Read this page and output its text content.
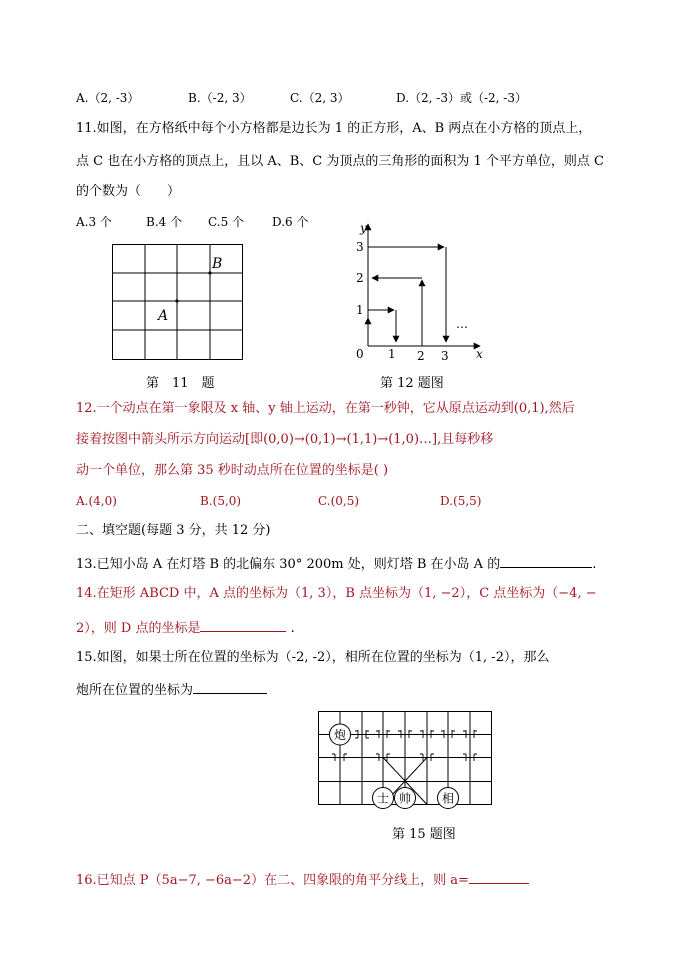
A.（2, -3）	B.（-2, 3）	C.（2, 3）	D.（2, -3）或（-2, -3）
11.如图，在方格纸中每个小方格都是边长为 1 的正方形，A、B 两点在小方格的顶点上，
点 C 也在小方格的顶点上，且以 A、B、C 为顶点的三角形的面积为 1 个平方单位，则点 C
的个数为（　　）
A.3 个	B.4 个 C.5 个 D.6 个
A
B
第　11　题
y
x
3
2
1
0 1 2 3
…
第 12 题图
12.一个动点在第一象限及 x 轴、y 轴上运动，在第一秒钟，它从原点运动到(0,1),然后
接着按图中箭头所示方向运动[即(0,0)→(0,1)→(1,1)→(1,0)…],且每秒移
动一个单位，那么第 35 秒时动点所在位置的坐标是( )
A.(4,0)	B.(5,0)	C.(0,5)	D.(5,5)
二、填空题(每题 3 分，共 12 分)
13.已知小岛 A 在灯塔 B 的北偏东 30° 200m 处，则灯塔 B 在小岛 A 的	.
14.在矩形 ABCD 中，A 点的坐标为（1, 3），B 点坐标为（1, −2），C 点坐标为（−4, −
2），则 D 点的坐标是	.
15.如图，如果士所在位置的坐标为（-2, -2），相所在位置的坐标为（1, -2），那么
炮所在位置的坐标为
炮
士 帅	相
第 15 题图
16.已知点 P（5a−7, −6a−2）在二、四象限的角平分线上，则 a=
